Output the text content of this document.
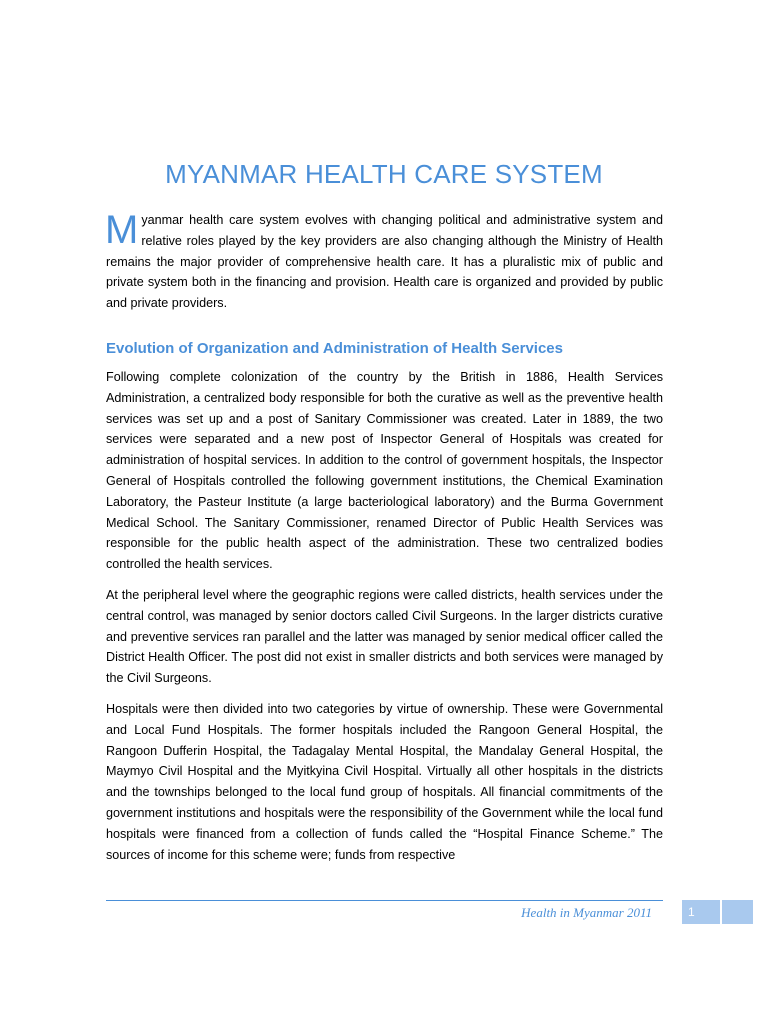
MYANMAR HEALTH CARE SYSTEM

Myanmar health care system evolves with changing political and administrative system and relative roles played by the key providers are also changing although the Ministry of Health remains the major provider of comprehensive health care. It has a pluralistic mix of public and private system both in the financing and provision. Health care is organized and provided by public and private providers.

Evolution of Organization and Administration of Health Services

Following complete colonization of the country by the British in 1886, Health Services Administration, a centralized body responsible for both the curative as well as the preventive health services was set up and a post of Sanitary Commissioner was created. Later in 1889, the two services were separated and a new post of Inspector General of Hospitals was created for administration of hospital services. In addition to the control of government hospitals, the Inspector General of Hospitals controlled the following government institutions, the Chemical Examination Laboratory, the Pasteur Institute (a large bacteriological laboratory) and the Burma Government Medical School. The Sanitary Commissioner, renamed Director of Public Health Services was responsible for the public health aspect of the administration. These two centralized bodies controlled the health services.

At the peripheral level where the geographic regions were called districts, health services under the central control, was managed by senior doctors called Civil Surgeons. In the larger districts curative and preventive services ran parallel and the latter was managed by senior medical officer called the District Health Officer. The post did not exist in smaller districts and both services were managed by the Civil Surgeons.

Hospitals were then divided into two categories by virtue of ownership. These were Governmental and Local Fund Hospitals. The former hospitals included the Rangoon General Hospital, the Rangoon Dufferin Hospital, the Tadagalay Mental Hospital, the Mandalay General Hospital, the Maymyo Civil Hospital and the Myitkyina Civil Hospital. Virtually all other hospitals in the districts and the townships belonged to the local fund group of hospitals. All financial commitments of the government institutions and hospitals were the responsibility of the Government while the local fund hospitals were financed from a collection of funds called the “Hospital Finance Scheme.” The sources of income for this scheme were; funds from respective

Health in Myanmar 2011	1
